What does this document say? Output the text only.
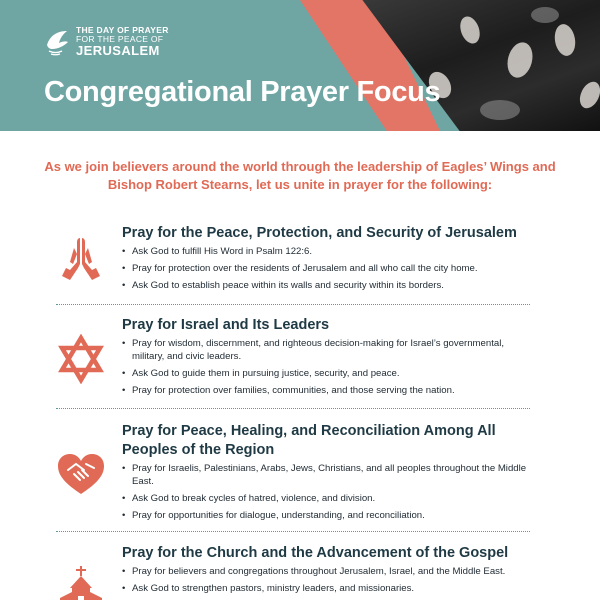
THE DAY OF PRAYER
FOR THE PEACE OF
JERUSALEM
Congregational Prayer Focus
As we join believers around the world through the leadership of Eagles’ Wings and Bishop Robert Stearns, let us unite in prayer for the following:
Pray for the Peace, Protection, and Security of Jerusalem
• Ask God to fulfill His Word in Psalm 122:6.
• Pray for protection over the residents of Jerusalem and all who call the city home.
• Ask God to establish peace within its walls and security within its borders.
Pray for Israel and Its Leaders
• Pray for wisdom, discernment, and righteous decision-making for Israel’s governmental, military, and civic leaders.
• Ask God to guide them in pursuing justice, security, and peace.
• Pray for protection over families, communities, and those serving the nation.
Pray for Peace, Healing, and Reconciliation Among All Peoples of the Region
• Pray for Israelis, Palestinians, Arabs, Jews, Christians, and all peoples throughout the Middle East.
• Ask God to break cycles of hatred, violence, and division.
• Pray for opportunities for dialogue, understanding, and reconciliation.
Pray for the Church and the Advancement of the Gospel
• Pray for believers and congregations throughout Jerusalem, Israel, and the Middle East.
• Ask God to strengthen pastors, ministry leaders, and missionaries.
